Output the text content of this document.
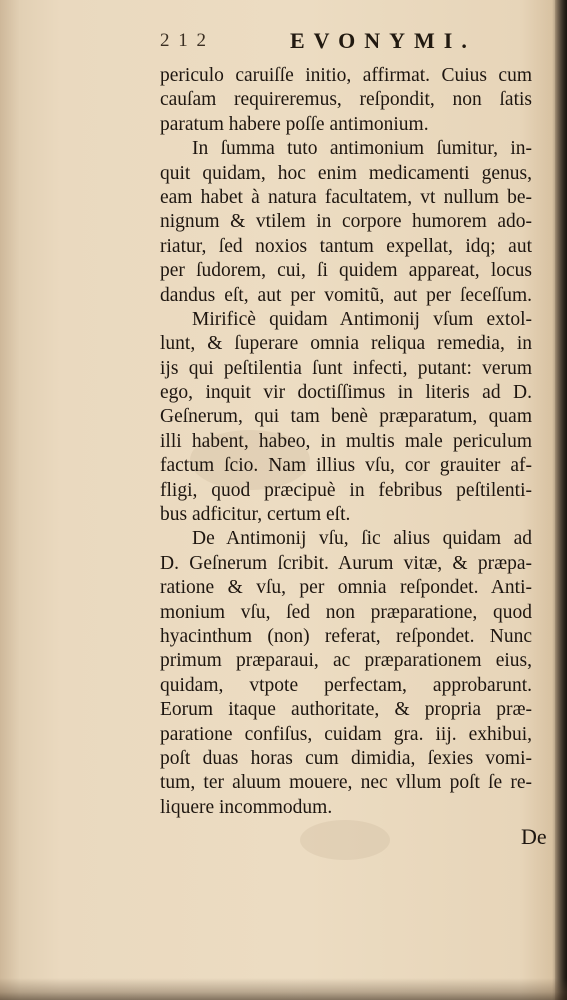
2 1 2	EVONYMI.
periculo caruiſſe initio, affirmat. Cuius cum
cauſam requireremus, reſpondit, non ſatis
paratum habere poſſe antimonium.
In ſumma tuto antimonium ſumitur, in-
quit quidam, hoc enim medicamenti genus,
eam habet à natura facultatem, vt nullum be-
nignum & vtilem in corpore humorem ado-
riatur, ſed noxios tantum expellat, idq; aut
per ſudorem, cui, ſi quidem appareat, locus
dandus eſt, aut per vomitũ, aut per ſeceſſum.
Mirificè quidam Antimonij vſum extol-
lunt, & ſuperare omnia reliqua remedia, in
ijs qui peſtilentia ſunt infecti, putant: verum
ego, inquit vir doctiſſimus in literis ad D.
Geſnerum, qui tam benè præparatum, quam
illi habent, habeo, in multis male periculum
factum ſcio. Nam illius vſu, cor grauiter af-
fligi, quod præcipuè in febribus peſtilenti-
bus adficitur, certum eſt.
De Antimonij vſu, ſic alius quidam ad
D. Geſnerum ſcribit. Aurum vitæ, & præpa-
ratione & vſu, per omnia reſpondet. Anti-
monium vſu, ſed non præparatione, quod
hyacinthum (non) referat, reſpondet. Nunc
primum præparaui, ac præparationem eius,
quidam, vtpote perfectam, approbarunt.
Eorum itaque authoritate, & propria præ-
paratione confiſus, cuidam gra. iij. exhibui,
poſt duas horas cum dimidia, ſexies vomi-
tum, ter aluum mouere, nec vllum poſt ſe re-
liquere incommodum.
De
